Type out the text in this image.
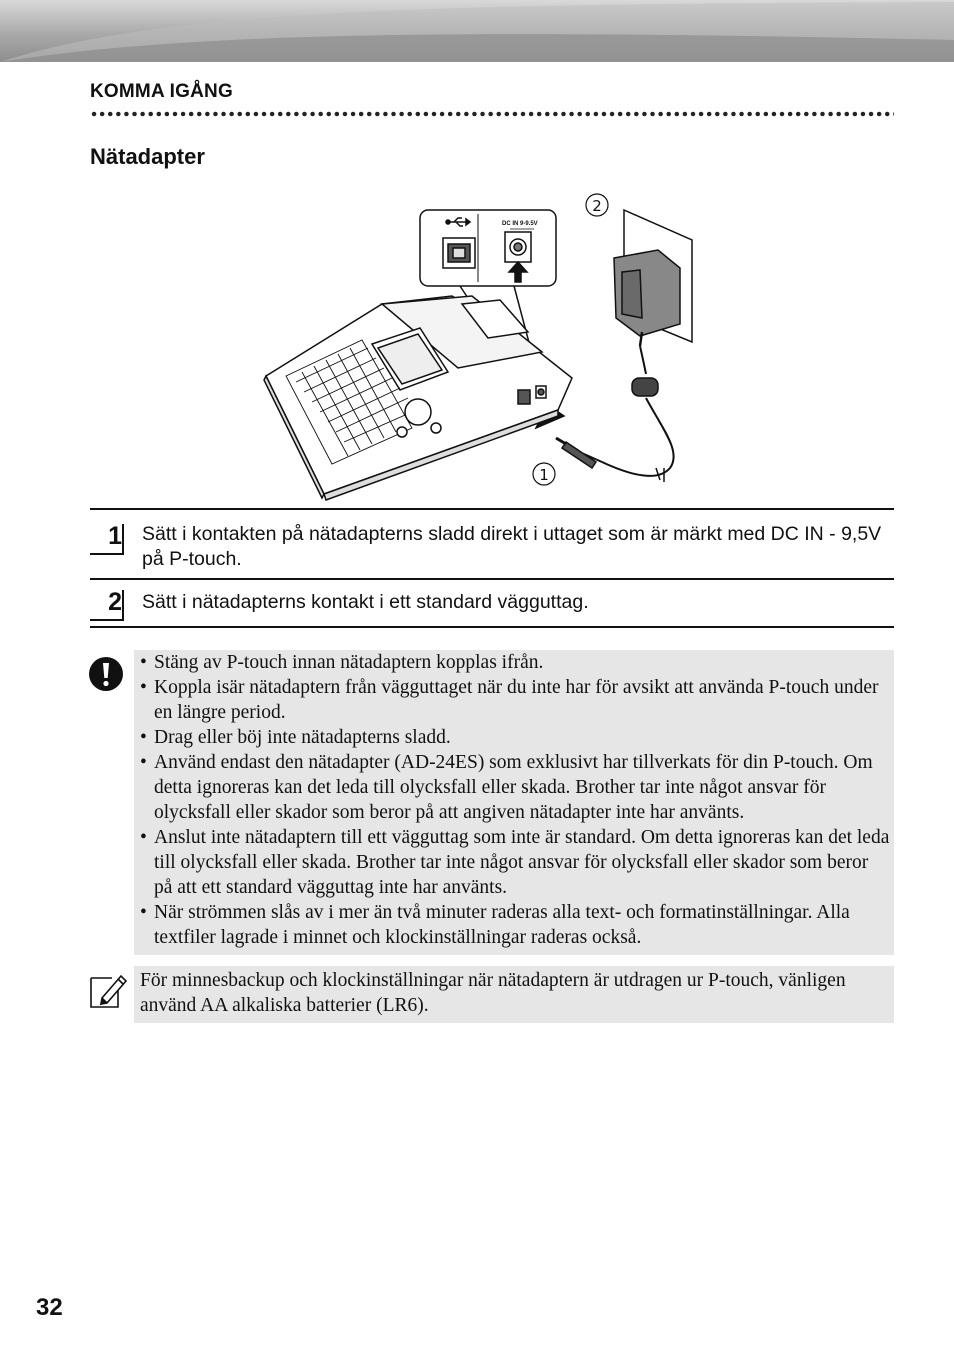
KOMMA IGÅNG
Nätadapter
DC IN 9-9.5V
2
1
1 Sätt i kontakten på nätadapterns sladd direkt i uttaget som är märkt med DC IN - 9,5V på P-touch.
2 Sätt i nätadapterns kontakt i ett standard vägguttag.
• Stäng av P-touch innan nätadaptern kopplas ifrån.
• Koppla isär nätadaptern från vägguttaget när du inte har för avsikt att använda P-touch under en längre period.
• Drag eller böj inte nätadapterns sladd.
• Använd endast den nätadapter (AD-24ES) som exklusivt har tillverkats för din P-touch. Om detta ignoreras kan det leda till olycksfall eller skada. Brother tar inte något ansvar för olycksfall eller skador som beror på att angiven nätadapter inte har använts.
• Anslut inte nätadaptern till ett vägguttag som inte är standard. Om detta ignoreras kan det leda till olycksfall eller skada. Brother tar inte något ansvar för olycksfall eller skador som beror på att ett standard vägguttag inte har använts.
• När strömmen slås av i mer än två minuter raderas alla text- och formatinställningar. Alla textfiler lagrade i minnet och klockinställningar raderas också.
För minnesbackup och klockinställningar när nätadaptern är utdragen ur P-touch, vänligen använd AA alkaliska batterier (LR6).
32
